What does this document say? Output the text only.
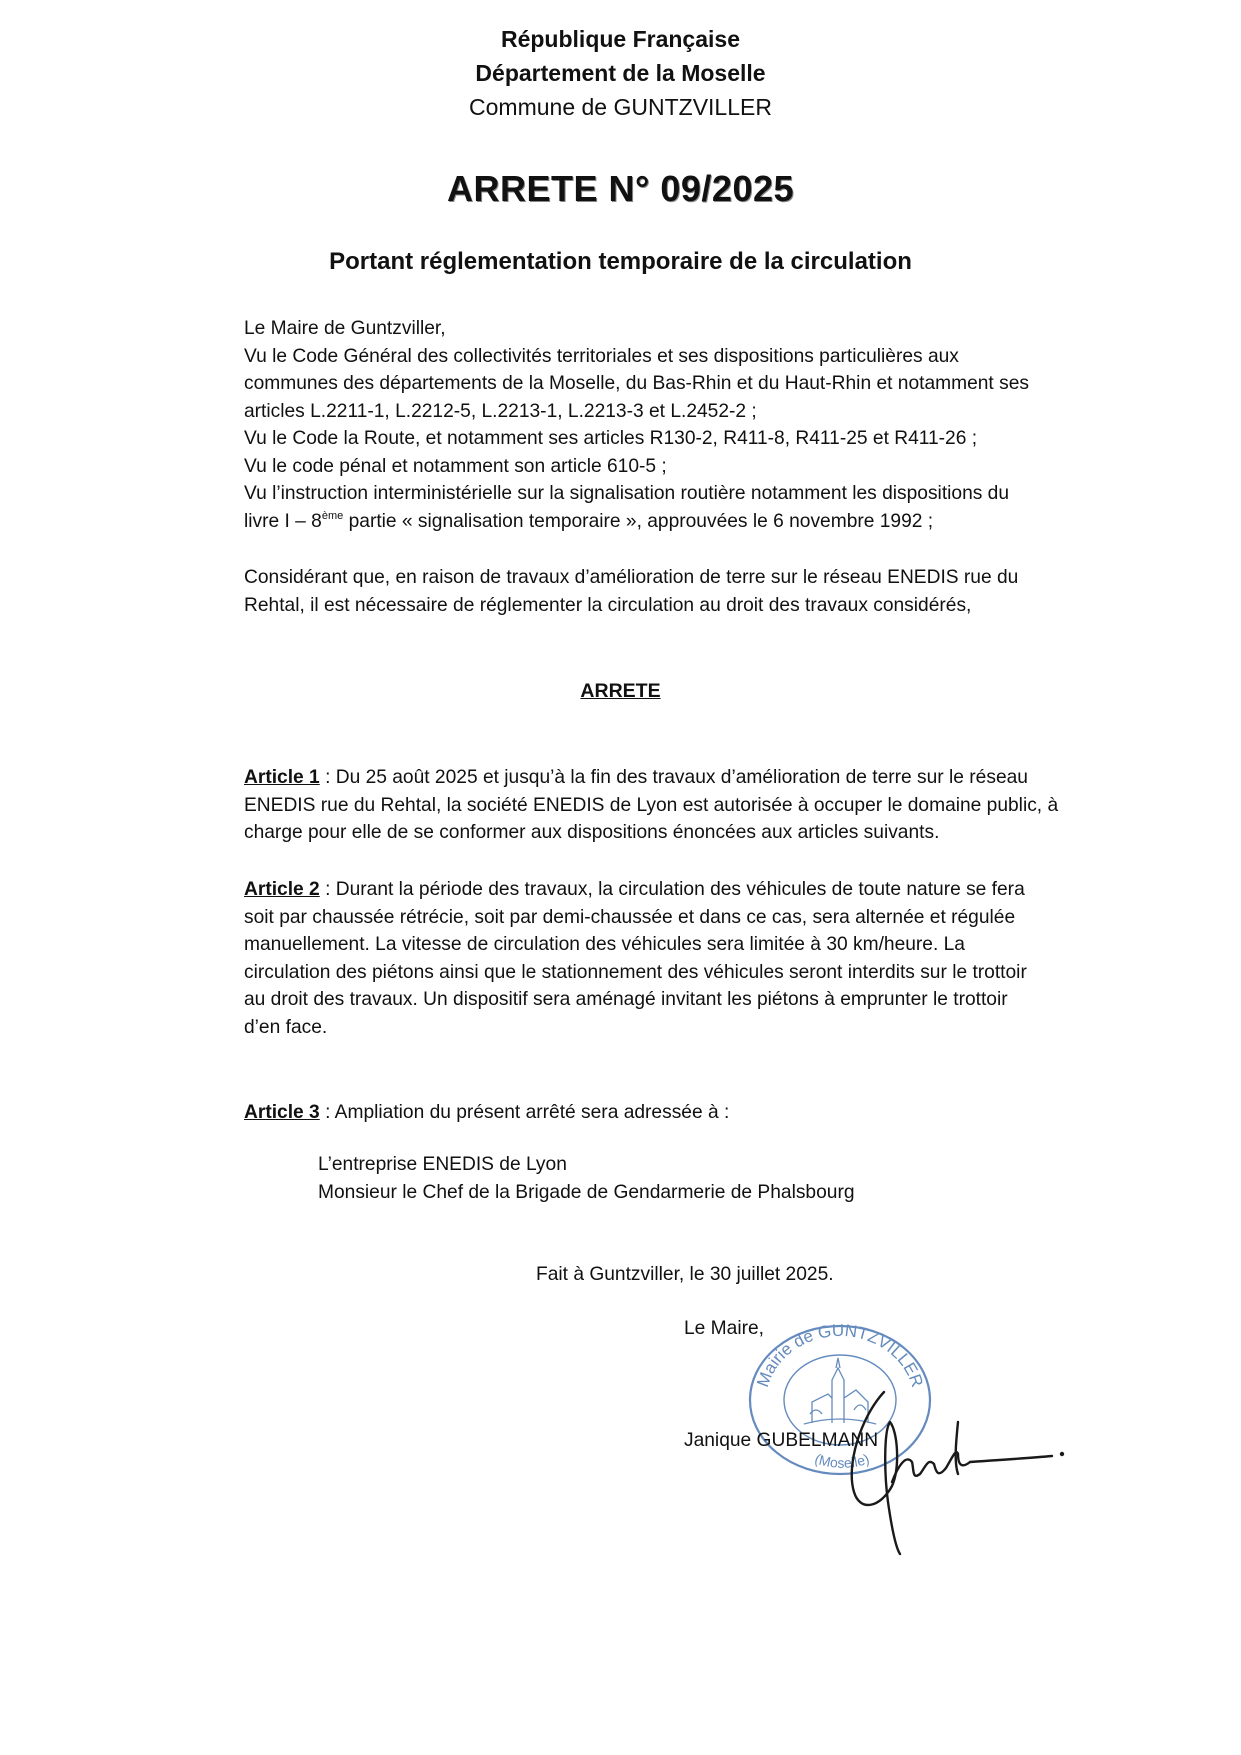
République Française
Département de la Moselle
Commune de GUNTZVILLER
ARRETE N° 09/2025
Portant réglementation temporaire de la circulation
Le Maire de Guntzviller,
Vu le Code Général des collectivités territoriales et ses dispositions particulières aux
communes des départements de la Moselle, du Bas-Rhin et du Haut-Rhin et notamment ses
articles L.2211-1, L.2212-5, L.2213-1, L.2213-3 et L.2452-2 ;
Vu le Code la Route, et notamment ses articles R130-2, R411-8, R411-25 et R411-26 ;
Vu le code pénal et notamment son article 610-5 ;
Vu l’instruction interministérielle sur la signalisation routière notamment les dispositions du
livre I – 8ème partie « signalisation temporaire », approuvées le 6 novembre 1992 ;
Considérant que, en raison de travaux d’amélioration de terre sur le réseau ENEDIS rue du
Rehtal, il est nécessaire de réglementer la circulation au droit des travaux considérés,
ARRETE
Article 1 : Du 25 août 2025 et jusqu’à la fin des travaux d’amélioration de terre sur le réseau
ENEDIS rue du Rehtal, la société ENEDIS de Lyon est autorisée à occuper le domaine public, à
charge pour elle de se conformer aux dispositions énoncées aux articles suivants.
Article 2 : Durant la période des travaux, la circulation des véhicules de toute nature se fera
soit par chaussée rétrécie, soit par demi-chaussée et dans ce cas, sera alternée et régulée
manuellement. La vitesse de circulation des véhicules sera limitée à 30 km/heure. La
circulation des piétons ainsi que le stationnement des véhicules seront interdits sur le trottoir
au droit des travaux. Un dispositif sera aménagé invitant les piétons à emprunter le trottoir
d’en face.
Article 3 : Ampliation du présent arrêté sera adressée à :
L’entreprise ENEDIS de Lyon
Monsieur le Chef de la Brigade de Gendarmerie de Phalsbourg
Fait à Guntzviller, le 30 juillet 2025.
Mairie de GUNTZVILLER
(Moselle)
Le Maire,
Janique GUBELMANN
